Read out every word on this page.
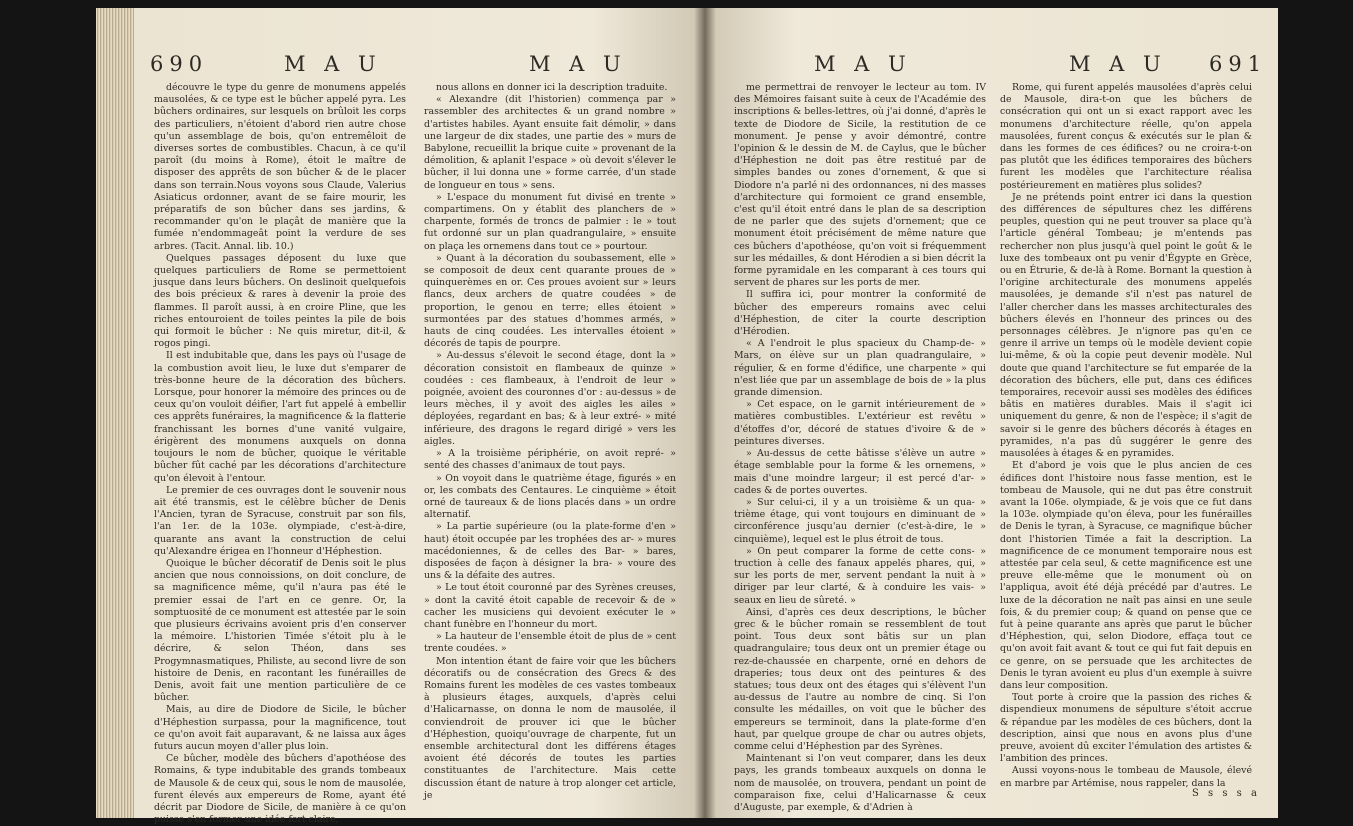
690	M A U	M A U

découvre le type du genre de monumens appelés mausolées, & ce type est le bûcher appelé pyra. Les bûchers ordinaires, sur lesquels on brûloit les corps des particuliers, n'étoient d'abord rien autre chose qu'un assemblage de bois, qu'on entremêloit de diverses sortes de combustibles. Chacun, à ce qu'il paroît (du moins à Rome), étoit le maître de disposer des apprêts de son bûcher & de le placer dans son terrain.Nous voyons sous Claude, Valerius Asiaticus ordonner, avant de se faire mourir, les préparatifs de son bûcher dans ses jardins, & recommander qu'on le plaçât de manière que la fumée n'endommageât point la verdure de ses arbres. (Tacit. Annal. lib. 10.)

Quelques passages déposent du luxe que quelques particuliers de Rome se permettoient jusque dans leurs bûchers. On deslinoit quelquefois des bois précieux & rares à devenir la proie des flammes. Il paroît aussi, à en croire Pline, que les riches entouroient de toiles peintes la pile de bois qui formoit le bûcher : Ne quis miretur, dit-il, & rogos pingi.

Il est indubitable que, dans les pays où l'usage de la combustion avoit lieu, le luxe dut s'emparer de très-bonne heure de la décoration des bûchers. Lorsque, pour honorer la mémoire des princes ou de ceux qu'on vouloit déifier, l'art fut appelé à embellir ces apprêts funéraires, la magnificence & la flatterie franchissant les bornes d'une vanité vulgaire, érigèrent des monumens auxquels on donna toujours le nom de bûcher, quoique le véritable bûcher fût caché par les décorations d'architecture qu'on élevoit à l'entour.

Le premier de ces ouvrages dont le souvenir nous ait été transmis, est le célèbre bûcher de Denis l'Ancien, tyran de Syracuse, construit par son fils, l'an 1er. de la 103e. olympiade, c'est-à-dire, quarante ans avant la construction de celui qu'Alexandre érigea en l'honneur d'Héphestion.

Quoique le bûcher décoratif de Denis soit le plus ancien que nous connoissions, on doit conclure, de sa magnificence même, qu'il n'aura pas été le premier essai de l'art en ce genre. Or, la somptuosité de ce monument est attestée par le soin que plusieurs écrivains avoient pris d'en conserver la mémoire. L'historien Timée s'étoit plu à le décrire, & selon Théon, dans ses Progymnasmatiques, Philiste, au second livre de son histoire de Denis, en racontant les funérailles de Denis, avoit fait une mention particulière de ce bûcher.

Mais, au dire de Diodore de Sicile, le bûcher d'Héphestion surpassa, pour la magnificence, tout ce qu'on avoit fait auparavant, & ne laissa aux âges futurs aucun moyen d'aller plus loin.

Ce bûcher, modèle des bûchers d'apothéose des Romains, & type indubitable des grands tombeaux de Mausole & de ceux qui, sous le nom de mausolée, furent élevés aux empereurs de Rome, ayant été décrit par Diodore de Sicile, de manière à ce qu'on puisse s'en former une idée fort claire,

nous allons en donner ici la description traduite.

« Alexandre (dit l'historien) commença par » rassembler des architectes & un grand nombre » d'artistes habiles. Ayant ensuite fait démolir, » dans une largeur de dix stades, une partie des » murs de Babylone, recueillit la brique cuite » provenant de la démolition, & aplanit l'espace » où devoit s'élever le bûcher, il lui donna une » forme carrée, d'un stade de longueur en tous » sens.

» L'espace du monument fut divisé en trente » compartimens. On y établit des planchers de » charpente, formés de troncs de palmier : le » tout fut ordonné sur un plan quadrangulaire, » ensuite on plaça les ornemens dans tout ce » pourtour.

» Quant à la décoration du soubassement, elle » se composoit de deux cent quarante proues de » quinquerèmes en or. Ces proues avoient sur » leurs flancs, deux archers de quatre coudées » de proportion, le genou en terre; elles étoient » surmontées par des statues d'hommes armés, » hauts de cinq coudées. Les intervalles étoient » décorés de tapis de pourpre.

» Au-dessus s'élevoit le second étage, dont la » décoration consistoit en flambeaux de quinze » coudées : ces flambeaux, à l'endroit de leur » poignée, avoient des couronnes d'or : au-dessus » de leurs mèches, il y avoit des aigles les ailes » déployées, regardant en bas; & à leur extré- » mité inférieure, des dragons le regard dirigé » vers les aigles.

» A la troisième périphérie, on avoit repré- » senté des chasses d'animaux de tout pays.

» On voyoit dans le quatrième étage, figurés » en or, les combats des Centaures. Le cinquième » étoit orné de taureaux & de lions placés dans » un ordre alternatif.

» La partie supérieure (ou la plate-forme d'en » haut) étoit occupée par les trophées des ar- » mures macédoniennes, & de celles des Bar- » bares, disposées de façon à désigner la bra- » voure des uns & la défaite des autres.

» Le tout étoit couronné par des Syrènes creuses, » dont la cavité étoit capable de recevoir & de » cacher les musiciens qui devoient exécuter le » chant funèbre en l'honneur du mort.

» La hauteur de l'ensemble étoit de plus de » cent trente coudées. »

Mon intention étant de faire voir que les bûchers décoratifs ou de consécration des Grecs & des Romains furent les modèles de ces vastes tombeaux à plusieurs étages, auxquels, d'après celui d'Halicarnasse, on donna le nom de mausolée, il conviendroit de prouver ici que le bûcher d'Héphestion, quoiqu'ouvrage de charpente, fut un ensemble architectural dont les différens étages avoient été décorés de toutes les parties constituantes de l'architecture. Mais cette discussion étant de nature à trop alonger cet article, je

M A U	M A U 691

me permettrai de renvoyer le lecteur au tom. IV des Mémoires faisant suite à ceux de l'Académie des inscriptions & belles-lettres, où j'ai donné, d'après le texte de Diodore de Sicile, la restitution de ce monument. Je pense y avoir démontré, contre l'opinion & le dessin de M. de Caylus, que le bûcher d'Héphestion ne doit pas être restitué par de simples bandes ou zones d'ornement, & que si Diodore n'a parlé ni des ordonnances, ni des masses d'architecture qui formoient ce grand ensemble, c'est qu'il étoit entré dans le plan de sa description de ne parler que des sujets d'ornement; que ce monument étoit précisément de même nature que ces bûchers d'apothéose, qu'on voit si fréquemment sur les médailles, & dont Hérodien a si bien décrit la forme pyramidale en les comparant à ces tours qui servent de phares sur les ports de mer.

Il suffira ici, pour montrer la conformité de bûcher des empereurs romains avec celui d'Héphestion, de citer la courte description d'Hérodien.

« A l'endroit le plus spacieux du Champ-de- » Mars, on élève sur un plan quadrangulaire, » régulier, & en forme d'édifice, une charpente » qui n'est liée que par un assemblage de bois de » la plus grande dimension.

» Cet espace, on le garnit intérieurement de » matières combustibles. L'extérieur est revêtu » d'étoffes d'or, décoré de statues d'ivoire & de » peintures diverses.

» Au-dessus de cette bâtisse s'élève un autre » étage semblable pour la forme & les ornemens, » mais d'une moindre largeur; il est percé d'ar- » cades & de portes ouvertes.

» Sur celui-ci, il y a un troisième & un qua- » trième étage, qui vont toujours en diminuant de » circonférence jusqu'au dernier (c'est-à-dire, le » cinquième), lequel est le plus étroit de tous.

» On peut comparer la forme de cette cons- » truction à celle des fanaux appelés phares, qui, » sur les ports de mer, servent pendant la nuit à » diriger par leur clarté, & à conduire les vais- » seaux en lieu de sûreté. »

Ainsi, d'après ces deux descriptions, le bûcher grec & le bûcher romain se ressemblent de tout point. Tous deux sont bâtis sur un plan quadrangulaire; tous deux ont un premier étage ou rez-de-chaussée en charpente, orné en dehors de draperies; tous deux ont des peintures & des statues; tous deux ont des étages qui s'élèvent l'un au-dessus de l'autre au nombre de cinq. Si l'on consulte les médailles, on voit que le bûcher des empereurs se terminoit, dans la plate-forme d'en haut, par quelque groupe de char ou autres objets, comme celui d'Héphestion par des Syrènes.

Maintenant si l'on veut comparer, dans les deux pays, les grands tombeaux auxquels on donna le nom de mausolée, on trouvera, pendant un point de comparaison fixe, celui d'Halicarnasse & ceux d'Auguste, par exemple, & d'Adrien à

Rome, qui furent appelés mausolées d'après celui de Mausole, dira-t-on que les bûchers de consécration qui ont un si exact rapport avec les monumens d'architecture réelle, qu'on appela mausolées, furent conçus & exécutés sur le plan & dans les formes de ces édifices? ou ne croira-t-on pas plutôt que les édifices temporaires des bûchers furent les modèles que l'architecture réalisa postérieurement en matières plus solides?

Je ne prétends point entrer ici dans la question des différences de sépultures chez les différens peuples, question qui ne peut trouver sa place qu'à l'article général Tombeau; je m'entends pas rechercher non plus jusqu'à quel point le goût & le luxe des tombeaux ont pu venir d'Égypte en Grèce, ou en Étrurie, & de-là à Rome. Bornant la question à l'origine architecturale des monumens appelés mausolées, je demande s'il n'est pas naturel de l'aller chercher dans les masses architecturales des bûchers élevés en l'honneur des princes ou des personnages célèbres. Je n'ignore pas qu'en ce genre il arrive un temps où le modèle devient copie lui-même, & où la copie peut devenir modèle. Nul doute que quand l'architecture se fut emparée de la décoration des bûchers, elle put, dans ces édifices temporaires, recevoir aussi ses modèles des édifices bâtis en matières durables. Mais il s'agit ici uniquement du genre, & non de l'espèce; il s'agit de savoir si le genre des bûchers décorés à étages en pyramides, n'a pas dû suggérer le genre des mausolées à étages & en pyramides.

Et d'abord je vois que le plus ancien de ces édifices dont l'histoire nous fasse mention, est le tombeau de Mausole, qui ne dut pas être construit avant la 106e. olympiade, & je vois que ce fut dans la 103e. olympiade qu'on éleva, pour les funérailles de Denis le tyran, à Syracuse, ce magnifique bûcher dont l'historien Timée a fait la description. La magnificence de ce monument temporaire nous est attestée par cela seul, & cette magnificence est une preuve elle-même que le monument où on l'appliqua, avoit été déjà précédé par d'autres. Le luxe de la décoration ne naît pas ainsi en une seule fois, & du premier coup; & quand on pense que ce fut à peine quarante ans après que parut le bûcher d'Héphestion, qui, selon Diodore, effaça tout ce qu'on avoit fait avant & tout ce qui fut fait depuis en ce genre, on se persuade que les architectes de Denis le tyran avoient eu plus d'un exemple à suivre dans leur composition.

Tout porte à croire que la passion des riches & dispendieux monumens de sépulture s'étoit accrue & répandue par les modèles de ces bûchers, dont la description, ainsi que nous en avons plus d'une preuve, avoient dû exciter l'émulation des artistes & l'ambition des princes.

Aussi voyons-nous le tombeau de Mausole, élevé en marbre par Artémise, nous rappeler, dans la

S s s s a
